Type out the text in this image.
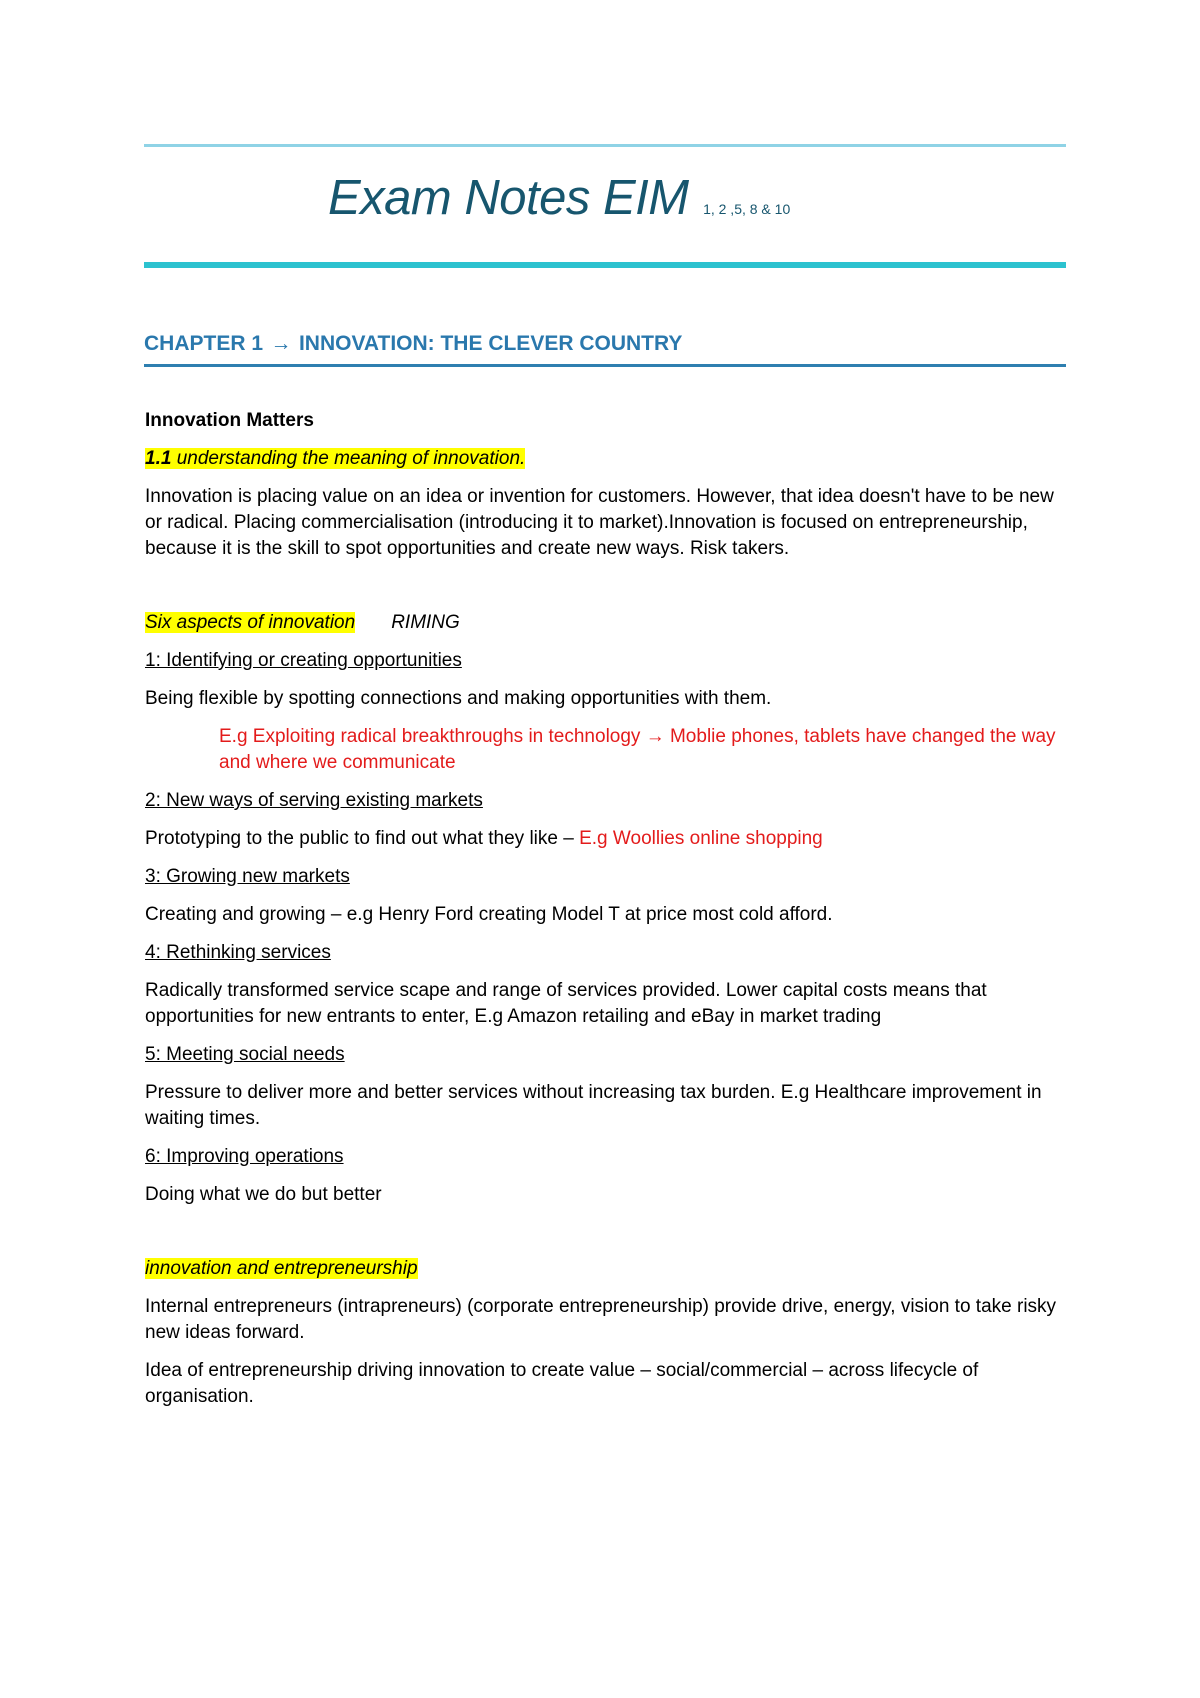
Exam Notes EIM 1, 2 ,5, 8 & 10
CHAPTER 1 → INNOVATION: THE CLEVER COUNTRY

Innovation Matters

1.1 understanding the meaning of innovation.

Innovation is placing value on an idea or invention for customers. However, that idea doesn't have to be new or radical. Placing commercialisation (introducing it to market).Innovation is focused on entrepreneurship, because it is the skill to spot opportunities and create new ways. Risk takers.

Six aspects of innovation RIMING

1: Identifying or creating opportunities

Being flexible by spotting connections and making opportunities with them.

E.g Exploiting radical breakthroughs in technology → Moblie phones, tablets have changed the way and where we communicate

2: New ways of serving existing markets

Prototyping to the public to find out what they like – E.g Woollies online shopping

3: Growing new markets

Creating and growing – e.g Henry Ford creating Model T at price most cold afford.

4: Rethinking services

Radically transformed service scape and range of services provided. Lower capital costs means that opportunities for new entrants to enter, E.g Amazon retailing and eBay in market trading

5: Meeting social needs

Pressure to deliver more and better services without increasing tax burden. E.g Healthcare improvement in waiting times.

6: Improving operations

Doing what we do but better

innovation and entrepreneurship

Internal entrepreneurs (intrapreneurs) (corporate entrepreneurship) provide drive, energy, vision to take risky new ideas forward.

Idea of entrepreneurship driving innovation to create value – social/commercial – across lifecycle of organisation.
